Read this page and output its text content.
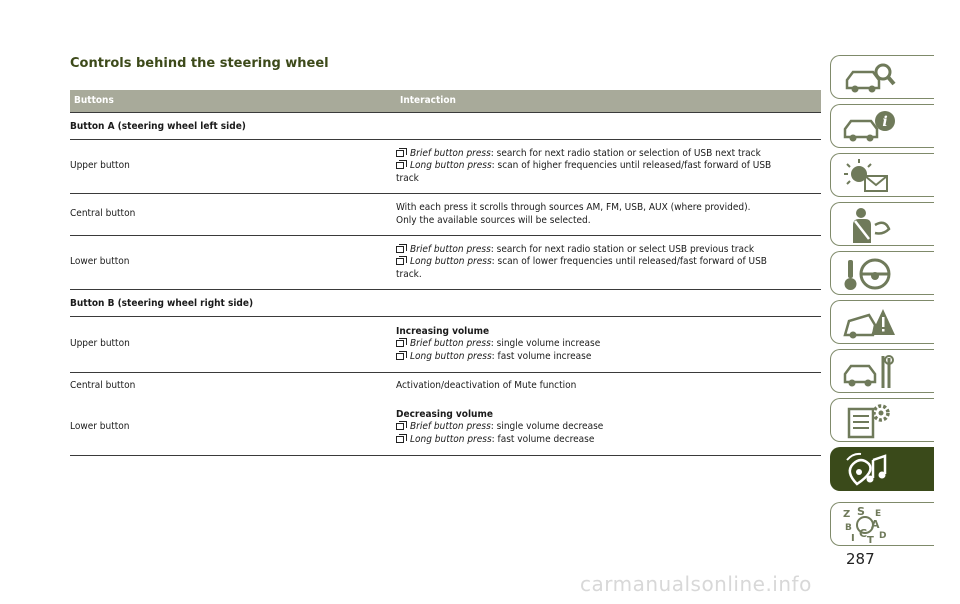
Controls behind the steering wheel
Buttons	Interaction
Button A (steering wheel left side)
Upper button
Brief button press: search for next radio station or selection of USB next track
Long button press: scan of higher frequencies until released/fast forward of USB
track
Central button
With each press it scrolls through sources AM, FM, USB, AUX (where provided).
Only the available sources will be selected.
Lower button
Brief button press: search for next radio station or select USB previous track
Long button press: scan of lower frequencies until released/fast forward of USB
track.
Button B (steering wheel right side)
Upper button
Increasing volume
Brief button press: single volume increase
Long button press: fast volume increase
Central button	Activation/deactivation of Mute function
Lower button
Decreasing volume
Brief button press: single volume decrease
Long button press: fast volume decrease
i
Z S E
A
B
I C
T D
287
carmanualsonline.info
